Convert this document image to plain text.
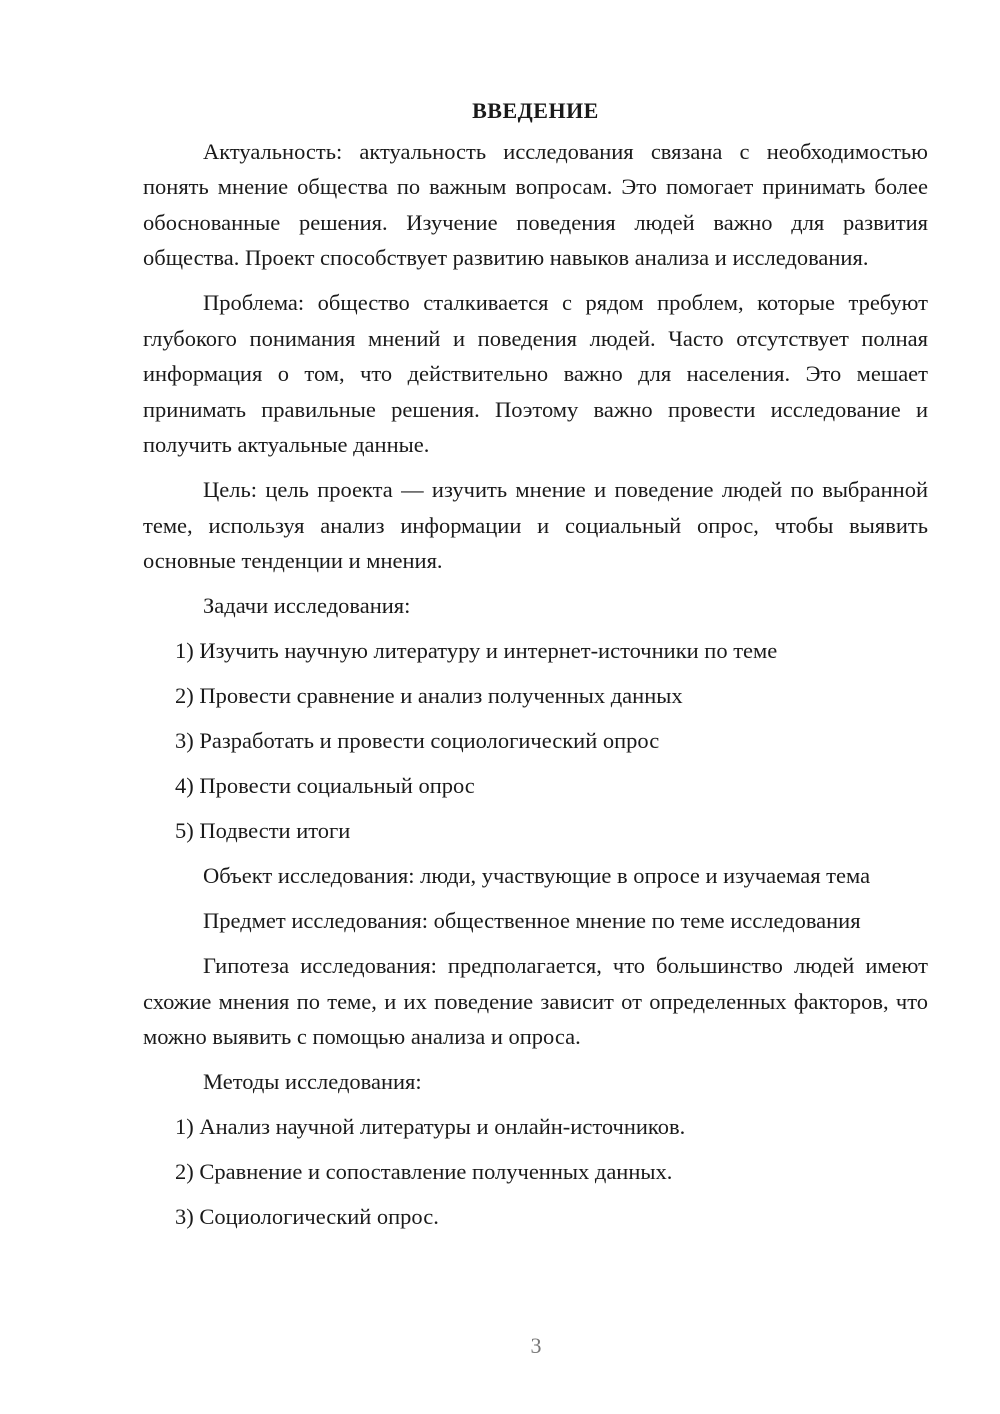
ВВЕДЕНИЕ

Актуальность: актуальность исследования связана с необходимостью понять мнение общества по важным вопросам. Это помогает принимать более обоснованные решения. Изучение поведения людей важно для развития общества. Проект способствует развитию навыков анализа и исследования.

Проблема: общество сталкивается с рядом проблем, которые требуют глубокого понимания мнений и поведения людей. Часто отсутствует полная информация о том, что действительно важно для населения. Это мешает принимать правильные решения. Поэтому важно провести исследование и получить актуальные данные.

Цель: цель проекта — изучить мнение и поведение людей по выбранной теме, используя анализ информации и социальный опрос, чтобы выявить основные тенденции и мнения.

Задачи исследования:
1) Изучить научную литературу и интернет-источники по теме
2) Провести сравнение и анализ полученных данных
3) Разработать и провести социологический опрос
4) Провести социальный опрос
5) Подвести итоги

Объект исследования: люди, участвующие в опросе и изучаемая тема

Предмет исследования: общественное мнение по теме исследования

Гипотеза исследования: предполагается, что большинство людей имеют схожие мнения по теме, и их поведение зависит от определенных факторов, что можно выявить с помощью анализа и опроса.

Методы исследования:
1) Анализ научной литературы и онлайн-источников.
2) Сравнение и сопоставление полученных данных.
3) Социологический опрос.
3
